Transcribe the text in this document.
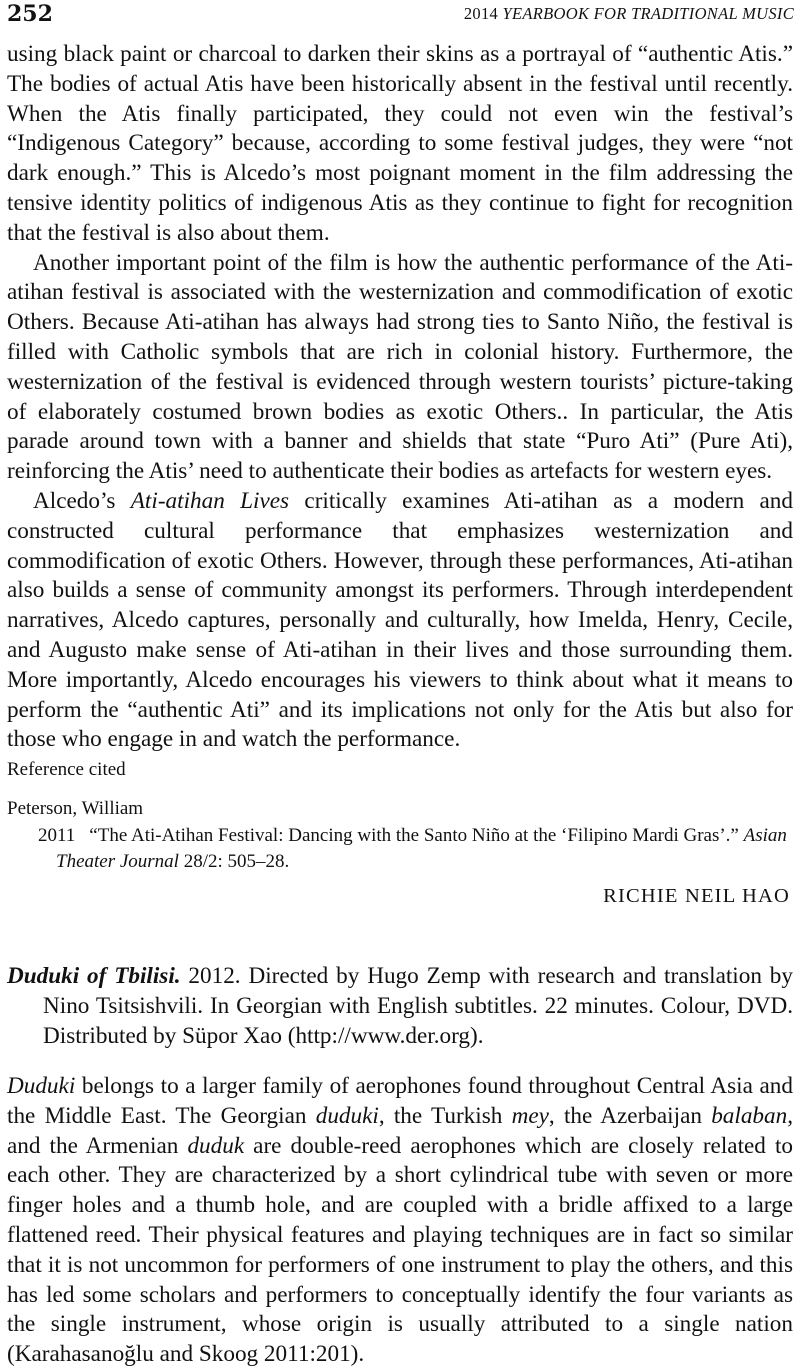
252	2014 YEARBOOK FOR TRADITIONAL MUSIC

using black paint or charcoal to darken their skins as a portrayal of “authentic Atis.” The bodies of actual Atis have been historically absent in the festival until recently. When the Atis finally participated, they could not even win the festival’s “Indigenous Category” because, according to some festival judges, they were “not dark enough.” This is Alcedo’s most poignant moment in the film addressing the tensive identity politics of indigenous Atis as they continue to fight for recognition that the festival is also about them.

Another important point of the film is how the authentic performance of the Ati-atihan festival is associated with the westernization and commodification of exotic Others. Because Ati-atihan has always had strong ties to Santo Niño, the festival is filled with Catholic symbols that are rich in colonial history. Furthermore, the westernization of the festival is evidenced through western tourists’ picture-taking of elaborately costumed brown bodies as exotic Others.. In particular, the Atis parade around town with a banner and shields that state “Puro Ati” (Pure Ati), reinforcing the Atis’ need to authenticate their bodies as artefacts for western eyes.

Alcedo’s Ati-atihan Lives critically examines Ati-atihan as a modern and constructed cultural performance that emphasizes westernization and commodification of exotic Others. However, through these performances, Ati-atihan also builds a sense of community amongst its performers. Through interdependent narratives, Alcedo captures, personally and culturally, how Imelda, Henry, Cecile, and Augusto make sense of Ati-atihan in their lives and those surrounding them. More importantly, Alcedo encourages his viewers to think about what it means to perform the “authentic Ati” and its implications not only for the Atis but also for those who engage in and watch the performance.

Reference cited
Peterson, William
2011 “The Ati-Atihan Festival: Dancing with the Santo Niño at the ‘Filipino Mardi Gras’.” Asian Theater Journal 28/2: 505–28.
RICHIE NEIL HAO
Duduki of Tbilisi. 2012. Directed by Hugo Zemp with research and translation by Nino Tsitsishvili. In Georgian with English subtitles. 22 minutes. Colour, DVD. Distributed by Süpor Xao (http://www.der.org).

Duduki belongs to a larger family of aerophones found throughout Central Asia and the Middle East. The Georgian duduki, the Turkish mey, the Azerbaijan balaban, and the Armenian duduk are double-reed aerophones which are closely related to each other. They are characterized by a short cylindrical tube with seven or more finger holes and a thumb hole, and are coupled with a bridle affixed to a large flattened reed. Their physical features and playing techniques are in fact so similar that it is not uncommon for performers of one instrument to play the others, and this has led some scholars and performers to conceptually identify the four variants as the single instrument, whose origin is usually attributed to a single nation (Karahasanoğlu and Skoog 2011:201).
